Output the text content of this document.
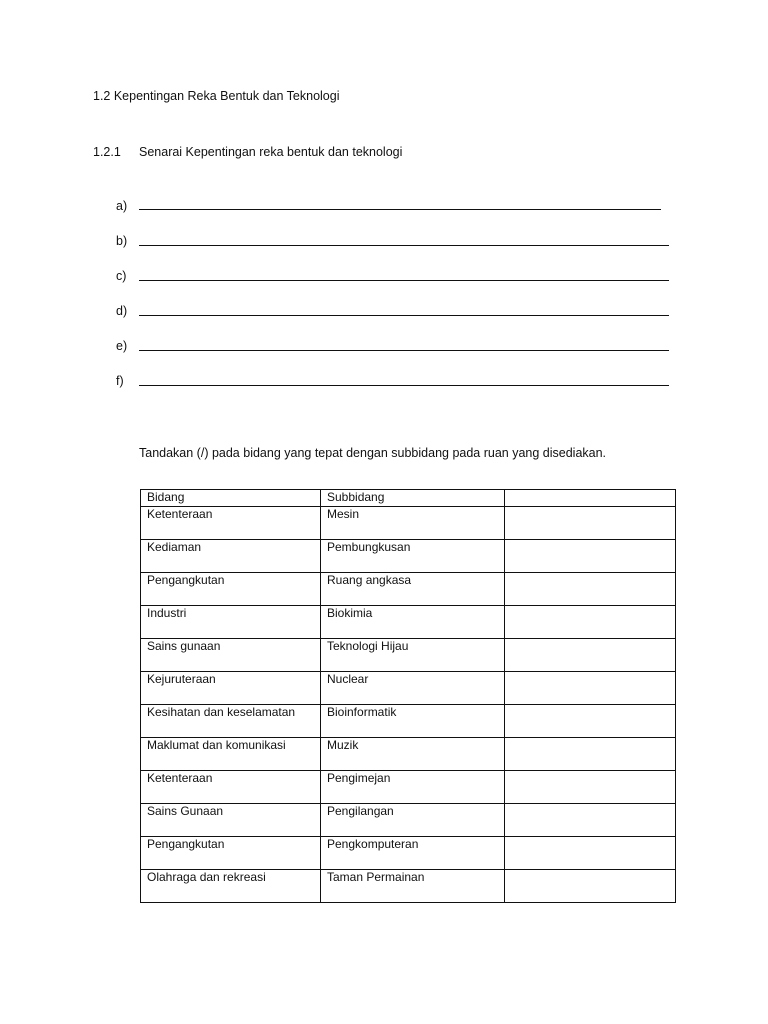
1.2 Kepentingan Reka Bentuk dan Teknologi
1.2.1 Senarai Kepentingan reka bentuk dan teknologi
a)
b)
c)
d)
e)
f)
Tandakan (/) pada bidang yang tepat dengan subbidang pada ruan yang disediakan.
Bidang	Subbidang	
Ketenteraan	Mesin	
Kediaman	Pembungkusan	
Pengangkutan	Ruang angkasa	
Industri	Biokimia	
Sains gunaan	Teknologi Hijau	
Kejuruteraan	Nuclear	
Kesihatan dan keselamatan	Bioinformatik	
Maklumat dan komunikasi	Muzik	
Ketenteraan	Pengimejan	
Sains Gunaan	Pengilangan	
Pengangkutan	Pengkomputeran	
Olahraga dan rekreasi	Taman Permainan	
